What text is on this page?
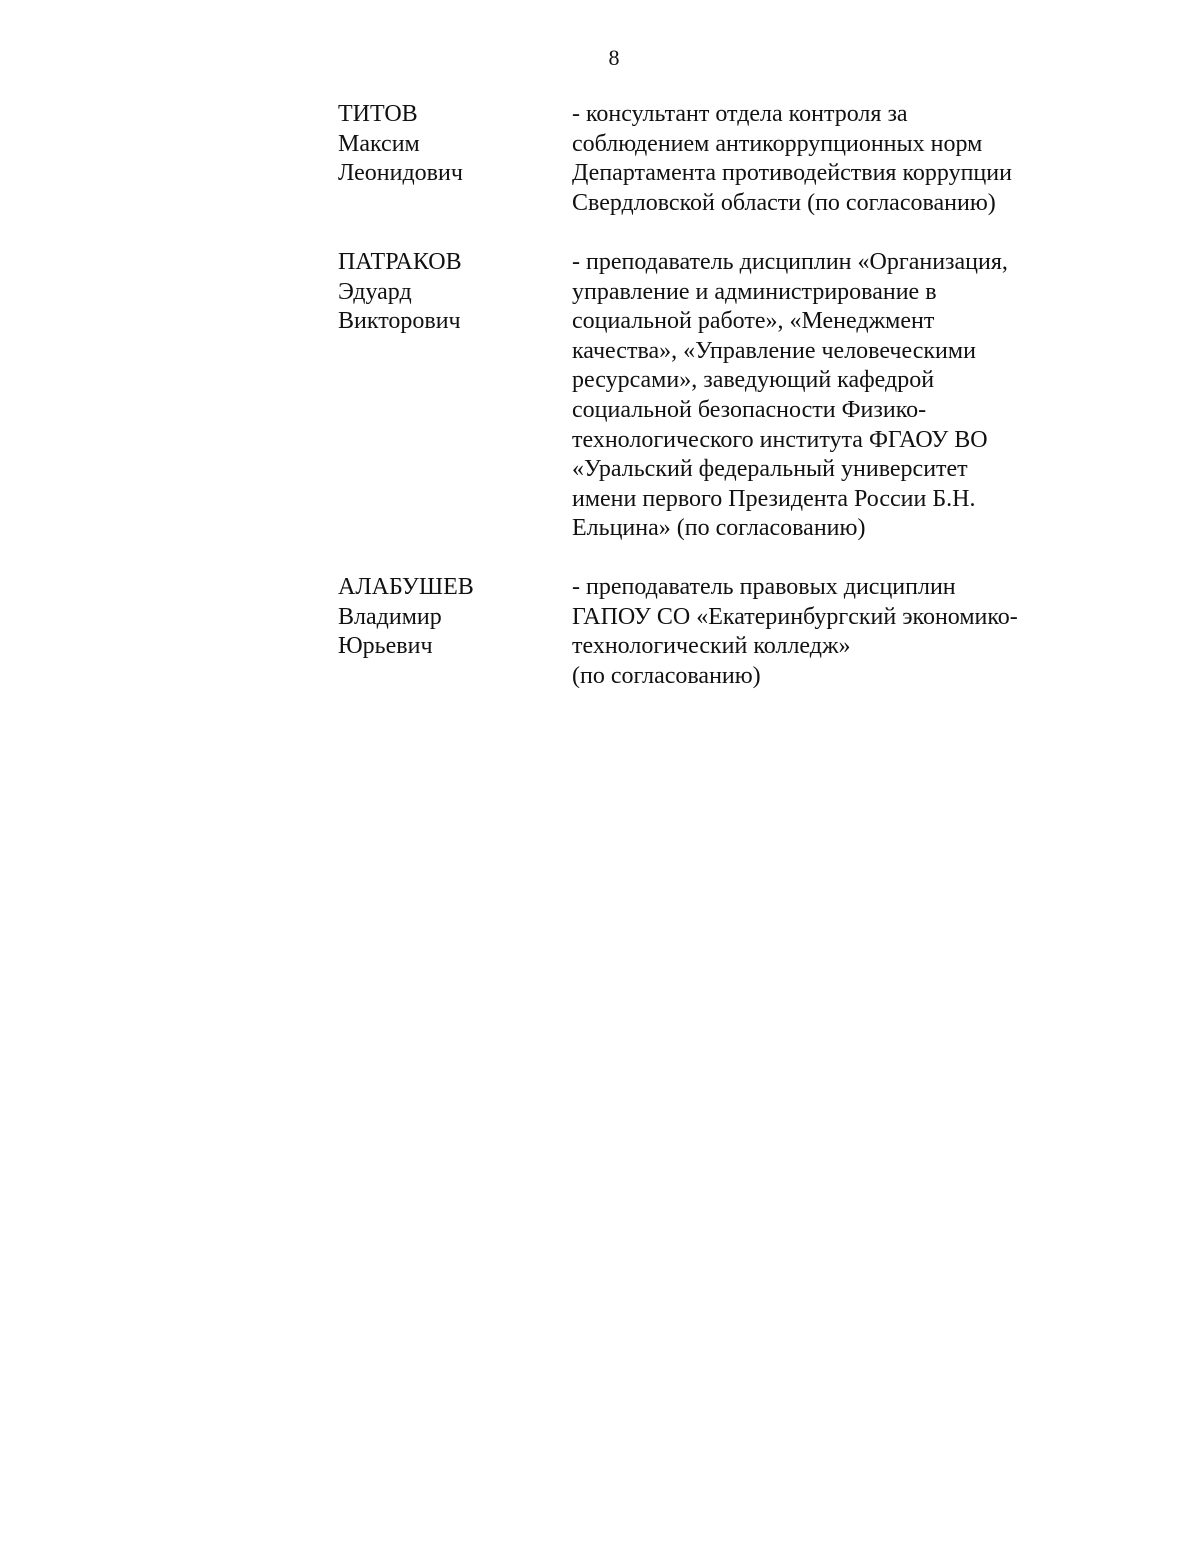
8
ТИТОВ
Максим
Леонидович
- консультант отдела контроля за
соблюдением антикоррупционных норм
Департамента противодействия коррупции
Свердловской области (по согласованию)
ПАТРАКОВ
Эдуард
Викторович
- преподаватель дисциплин «Организация,
управление и администрирование в
социальной работе», «Менеджмент
качества», «Управление человеческими
ресурсами», заведующий кафедрой
социальной безопасности Физико-
технологического института ФГАОУ ВО
«Уральский федеральный университет
имени первого Президента России Б.Н.
Ельцина» (по согласованию)
АЛАБУШЕВ
Владимир
Юрьевич
- преподаватель правовых дисциплин
ГАПОУ СО «Екатеринбургский экономико-
технологический колледж»
(по согласованию)
